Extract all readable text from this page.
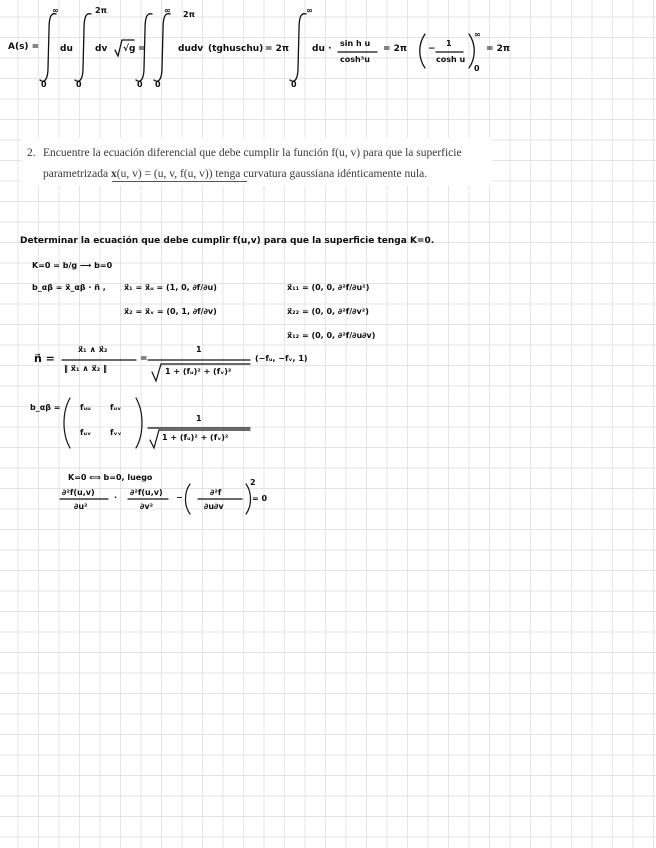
A(s) =
∞
0
du
2π
0
dv √g =
∞ 2π
0 0
dudv (tghuschu) = 2π
∞
0
du ·
sin h u
cosh³u
= 2π −
1
cosh u
∞
0
= 2π
2. Encuentre la ecuación diferencial que debe cumplir la función f(u, v) para que la superficie
parametrizada x(u, v) = (u, v, f(u, v)) tenga curvatura gaussiana idénticamente nula.
Determinar la ecuación que debe cumplir f(u,v) para que la superficie tenga K=0.
K=0 = b/g ⟶ b=0
b_αβ = x⃗_αβ · n⃗ , x⃗₁ = x⃗ᵤ = (1, 0, ∂f/∂u)	x⃗₁₁ = (0, 0, ∂²f/∂u²)
x⃗₂ = x⃗ᵥ = (0, 1, ∂f/∂v)	x⃗₂₂ = (0, 0, ∂²f/∂v²)
x⃗₁₂ = (0, 0, ∂²f/∂u∂v)
n⃗ =
x⃗₁ ∧ x⃗₂
‖ x⃗₁ ∧ x⃗₂ ‖
=
1
1 + (fᵤ)² + (fᵥ)²
(−fᵤ, −fᵥ, 1)
b_αβ = fᵤᵤ fᵤᵥ
fᵤᵥ fᵥᵥ
1
1 + (fᵤ)² + (fᵥ)²
K=0 ⟺ b=0, luego
∂²f(u,v)
∂u²
·
∂²f(u,v)
∂v²
−
∂²f
∂u∂v
2
= 0
